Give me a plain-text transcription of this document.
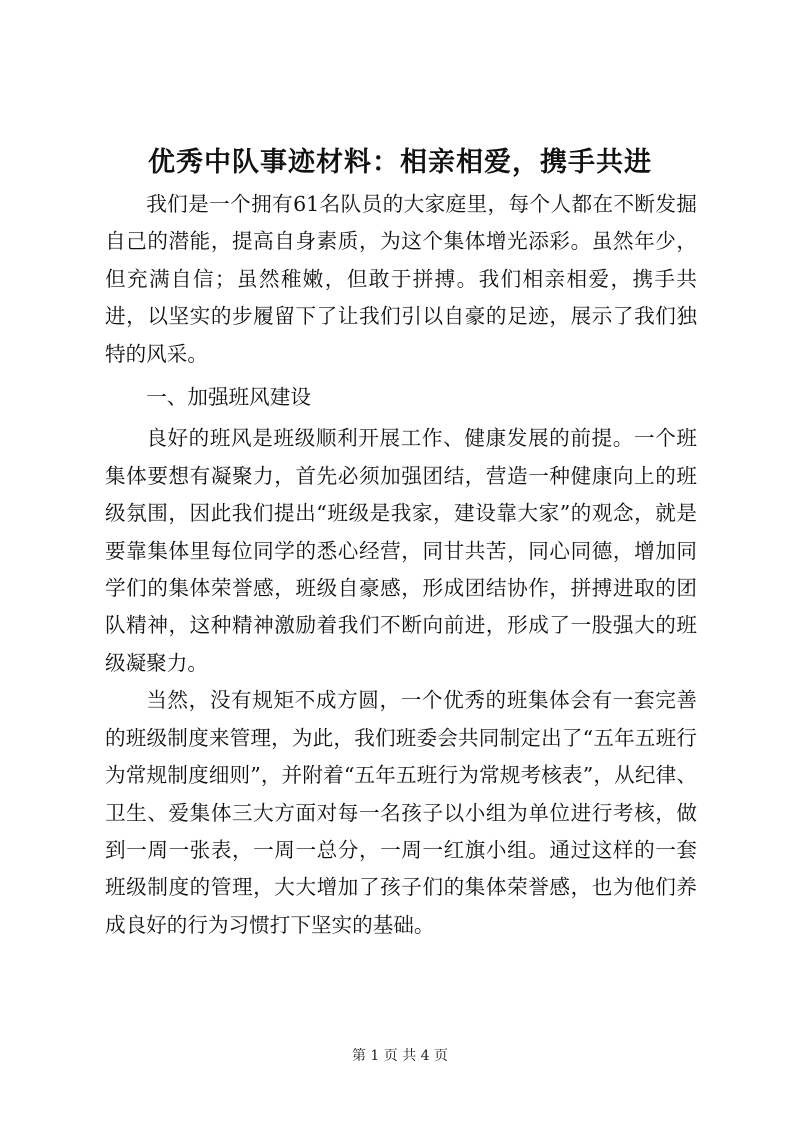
优秀中队事迹材料：相亲相爱，携手共进

我们是一个拥有61名队员的大家庭里，每个人都在不断发掘自己的潜能，提高自身素质，为这个集体增光添彩。虽然年少，但充满自信；虽然稚嫩，但敢于拼搏。我们相亲相爱，携手共进，以坚实的步履留下了让我们引以自豪的足迹，展示了我们独特的风采。

一、加强班风建设

良好的班风是班级顺利开展工作、健康发展的前提。一个班集体要想有凝聚力，首先必须加强团结，营造一种健康向上的班级氛围，因此我们提出“班级是我家，建设靠大家”的观念，就是要靠集体里每位同学的悉心经营，同甘共苦，同心同德，增加同学们的集体荣誉感，班级自豪感，形成团结协作，拼搏进取的团队精神，这种精神激励着我们不断向前进，形成了一股强大的班级凝聚力。

当然，没有规矩不成方圆，一个优秀的班集体会有一套完善的班级制度来管理，为此，我们班委会共同制定出了“五年五班行为常规制度细则”，并附着“五年五班行为常规考核表”，从纪律、卫生、爱集体三大方面对每一名孩子以小组为单位进行考核，做到一周一张表，一周一总分，一周一红旗小组。通过这样的一套班级制度的管理，大大增加了孩子们的集体荣誉感，也为他们养成良好的行为习惯打下坚实的基础。

第 1 页 共 4 页
